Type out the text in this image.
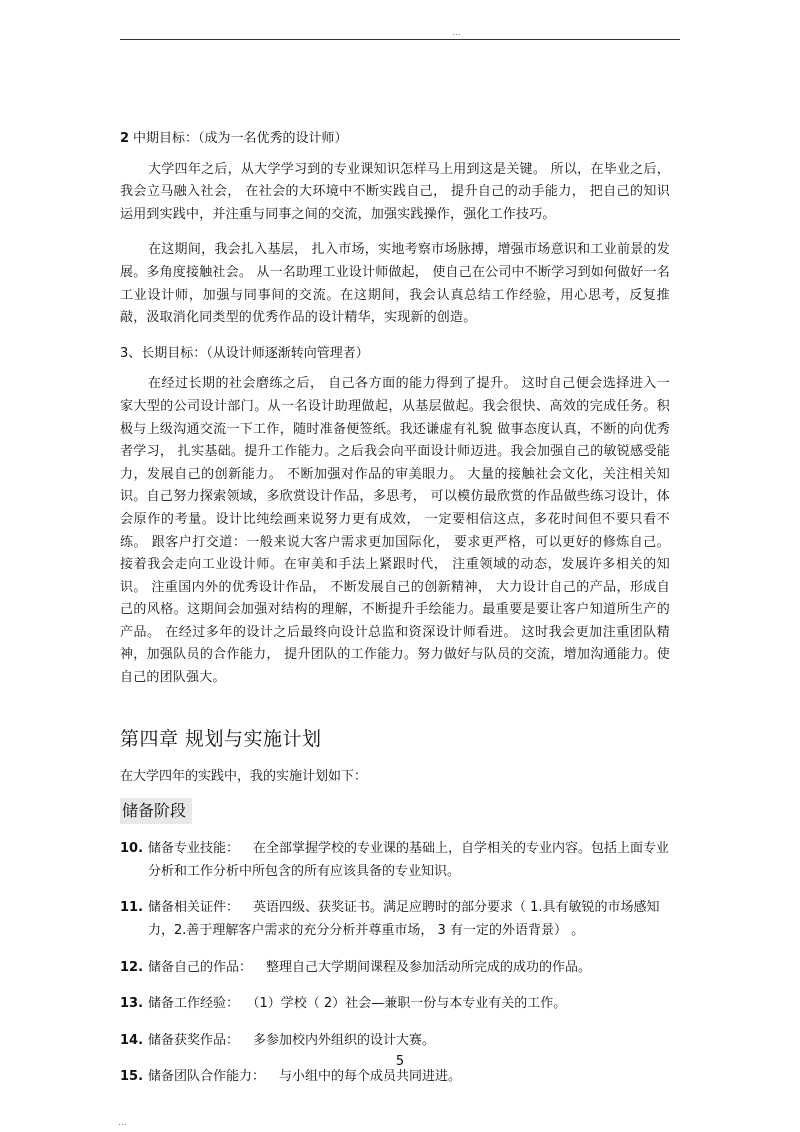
...

2 中期目标：（成为一名优秀的设计师）

大学四年之后，从大学学习到的专业课知识怎样马上用到这是关键。 所以，在毕业之后，我会立马融入社会， 在社会的大环境中不断实践自己， 提升自己的动手能力， 把自己的知识运用到实践中，并注重与同事之间的交流，加强实践操作，强化工作技巧。

在这期间，我会扎入基层， 扎入市场，实地考察市场脉搏，增强市场意识和工业前景的发展。多角度接触社会。 从一名助理工业设计师做起， 使自己在公司中不断学习到如何做好一名工业设计师，加强与同事间的交流。在这期间，我会认真总结工作经验，用心思考，反复推敲，汲取消化同类型的优秀作品的设计精华，实现新的创造。

3、长期目标：（从设计师逐渐转向管理者）

在经过长期的社会磨练之后， 自己各方面的能力得到了提升。 这时自己便会选择进入一家大型的公司设计部门。从一名设计助理做起，从基层做起。我会很快、高效的完成任务。积极与上级沟通交流一下工作，随时准备便签纸。我还谦虚有礼貌 做事态度认真，不断的向优秀者学习， 扎实基础。提升工作能力。之后我会向平面设计师迈进。我会加强自己的敏锐感受能力，发展自己的创新能力。 不断加强对作品的审美眼力。 大量的接触社会文化，关注相关知识。自己努力探索领域，多欣赏设计作品，多思考， 可以模仿最欣赏的作品做些练习设计，体会原作的考量。设计比纯绘画来说努力更有成效， 一定要相信这点，多花时间但不要只看不练。 跟客户打交道：一般来说大客户需求更加国际化， 要求更严格，可以更好的修炼自己。 接着我会走向工业设计师。在审美和手法上紧跟时代， 注重领域的动态，发展许多相关的知识。 注重国内外的优秀设计作品， 不断发展自己的创新精神， 大力设计自己的产品，形成自己的风格。这期间会加强对结构的理解，不断提升手绘能力。最重要是要让客户知道所生产的产品。 在经过多年的设计之后最终向设计总监和资深设计师看进。 这时我会更加注重团队精神，加强队员的合作能力， 提升团队的工作能力。努力做好与队员的交流，增加沟通能力。使自己的团队强大。

第四章 规划与实施计划

在大学四年的实践中，我的实施计划如下：

储备阶段
10. 储备专业技能： 在全部掌握学校的专业课的基础上，自学相关的专业内容。包括上面专业分析和工作分析中所包含的所有应该具备的专业知识。
11. 储备相关证件： 英语四级、获奖证书。满足应聘时的部分要求（ 1.具有敏锐的市场感知力，2.善于理解客户需求的充分分析并尊重市场， 3 有一定的外语背景） 。
12. 储备自己的作品： 整理自己大学期间课程及参加活动所完成的成功的作品。
13. 储备工作经验： （1）学校（ 2）社会—兼职一份与本专业有关的工作。
14. 储备获奖作品： 多参加校内外组织的设计大赛。
15. 储备团队合作能力： 与小组中的每个成员共同进进。
5
...
